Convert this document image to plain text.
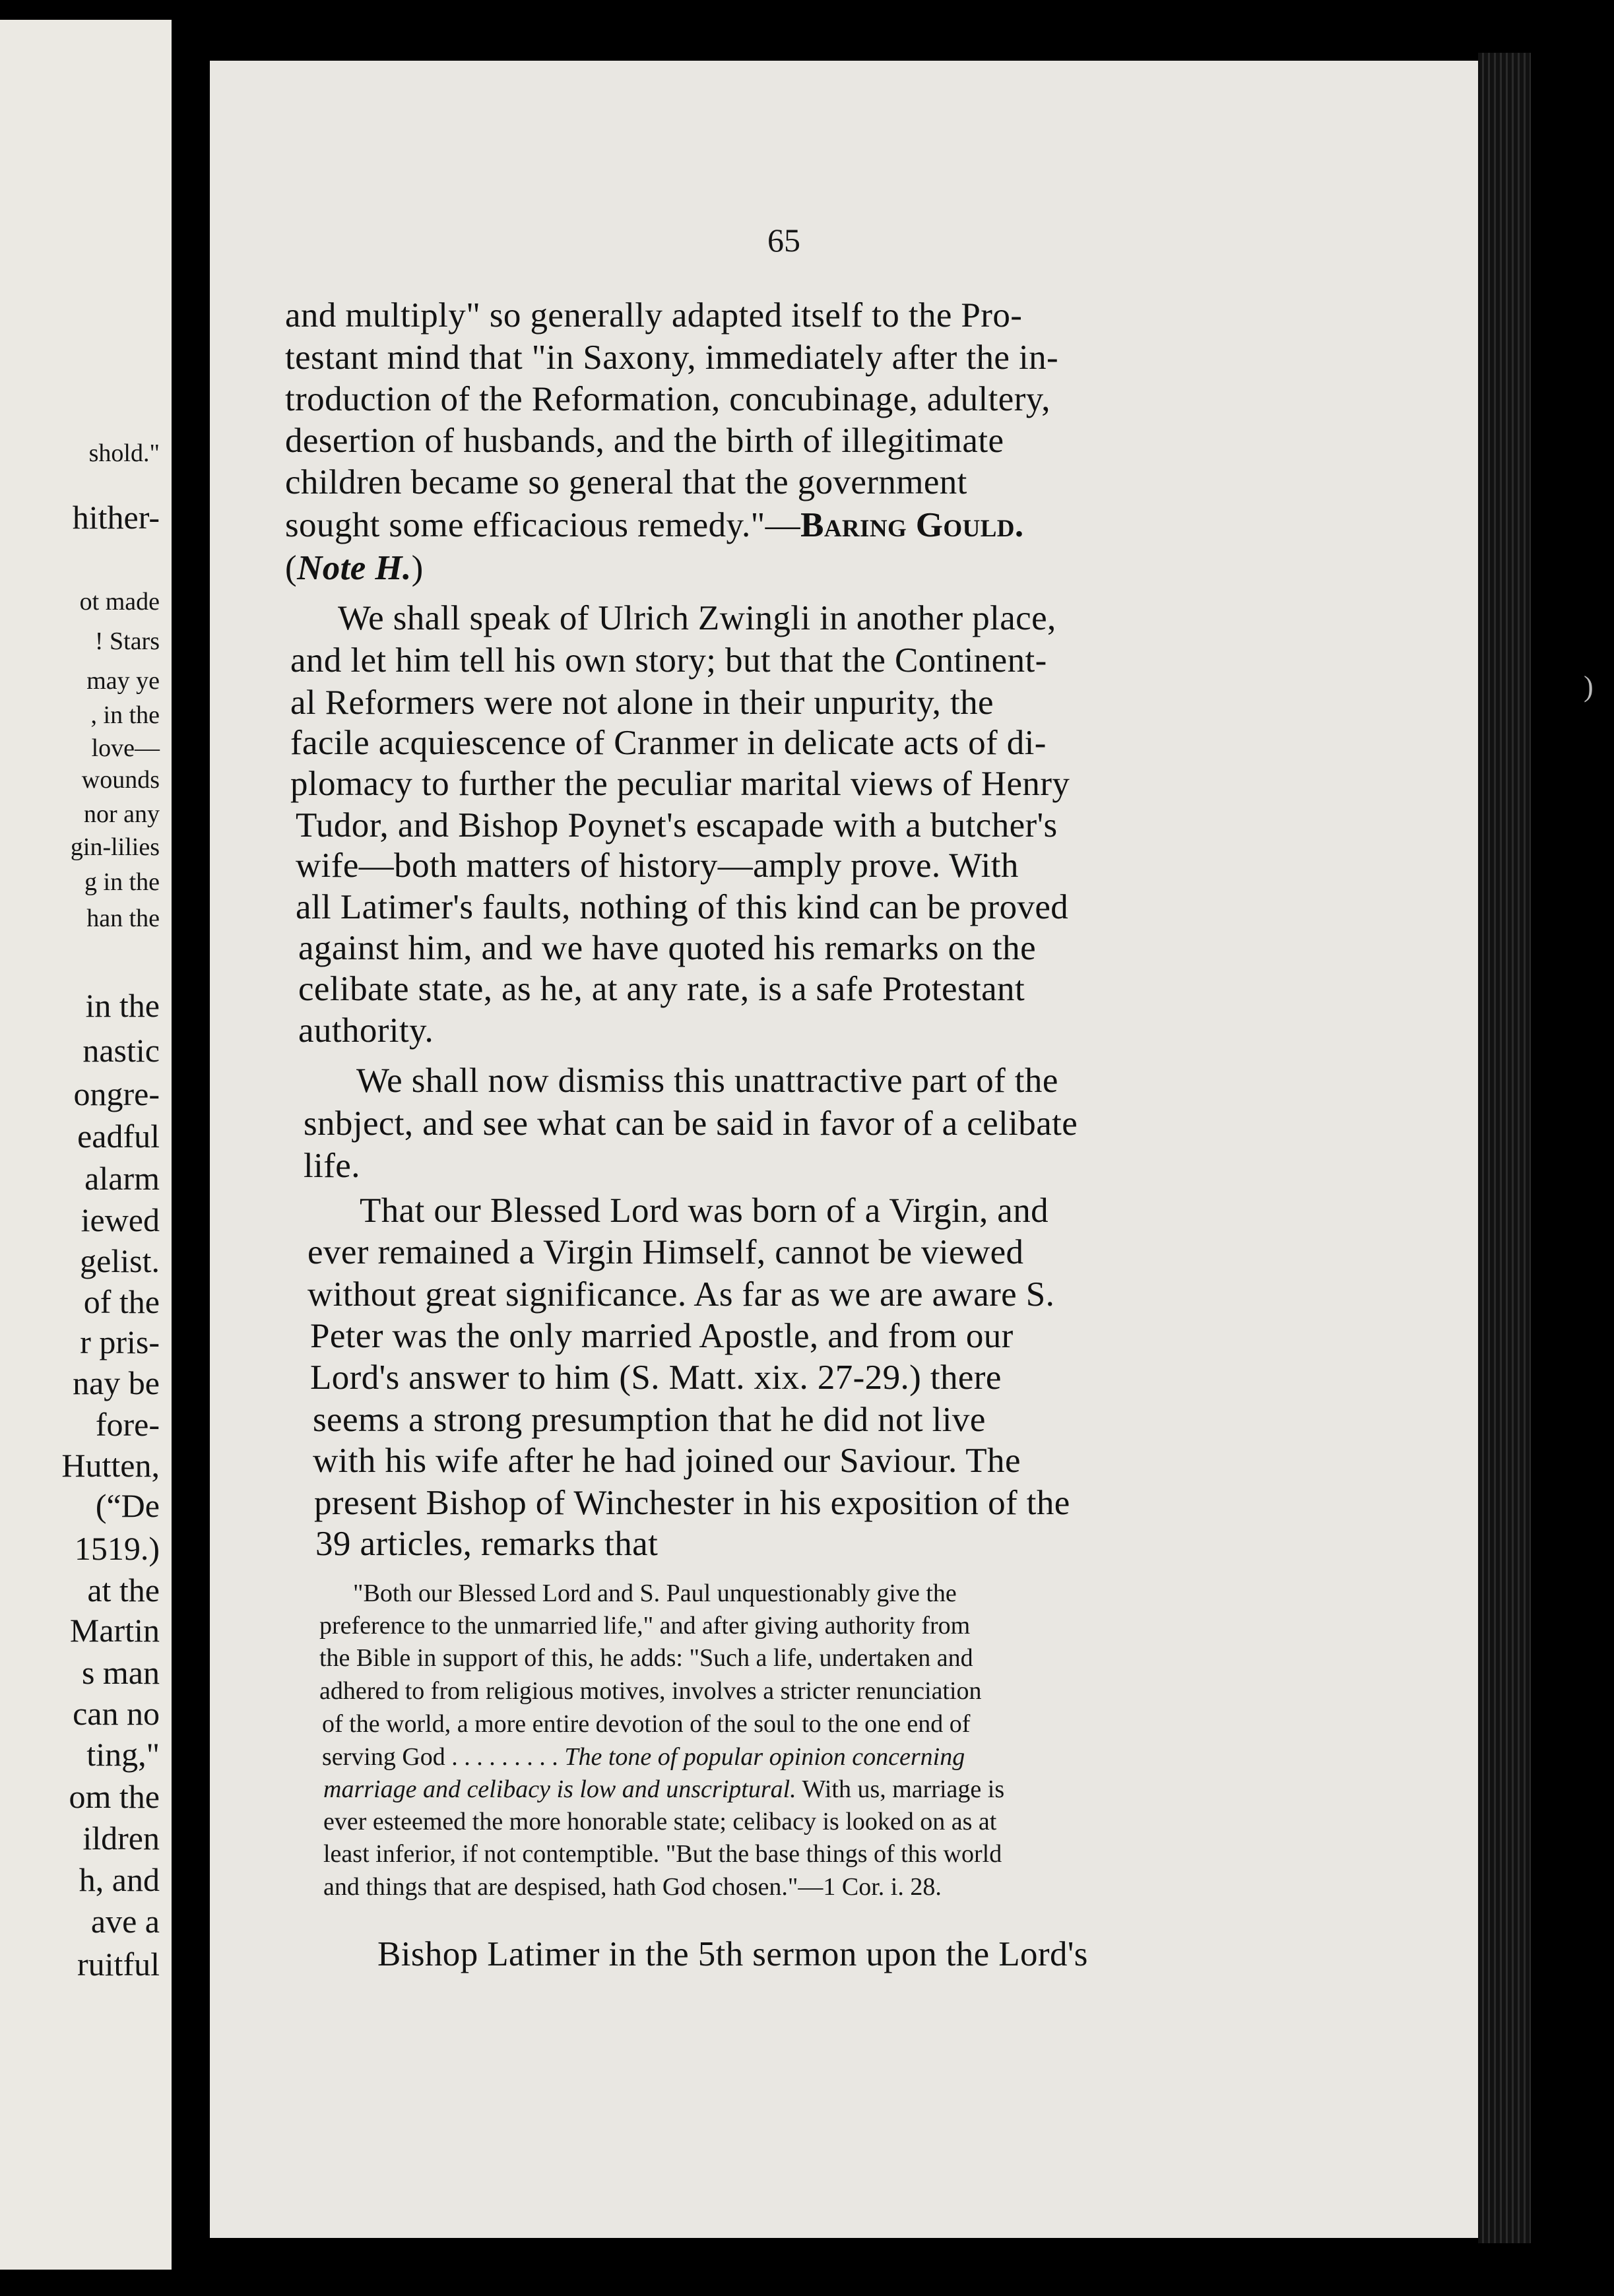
shold."
hither-
ot made
! Stars
may ye
, in the
love—
wounds
nor any
gin-lilies
g in the
han the
in the
nastic
ongre-
eadful
alarm
iewed
gelist.
of the
r pris-
nay be
fore-
Hutten,
(“De
1519.)
at the
Martin
s man
can no
ting,"
om the
ildren
h, and
ave a
ruitful
65
and multiply" so generally adapted itself to the Pro-
testant mind that "in Saxony, immediately after the in-
troduction of the Reformation, concubinage, adultery,
desertion of husbands, and the birth of illegitimate
children became so general that the government
sought some efficacious remedy."—Baring Gould.
(Note H.)
We shall speak of Ulrich Zwingli in another place,
and let him tell his own story; but that the Continent-
al Reformers were not alone in their unpurity, the
facile acquiescence of Cranmer in delicate acts of di-
plomacy to further the peculiar marital views of Henry
Tudor, and Bishop Poynet's escapade with a butcher's
wife—both matters of history—amply prove. With
all Latimer's faults, nothing of this kind can be proved
against him, and we have quoted his remarks on the
celibate state, as he, at any rate, is a safe Protestant
authority.
We shall now dismiss this unattractive part of the
snbject, and see what can be said in favor of a celibate
life.
That our Blessed Lord was born of a Virgin, and
ever remained a Virgin Himself, cannot be viewed
without great significance. As far as we are aware S.
Peter was the only married Apostle, and from our
Lord's answer to him (S. Matt. xix. 27-29.) there
seems a strong presumption that he did not live
with his wife after he had joined our Saviour. The
present Bishop of Winchester in his exposition of the
39 articles, remarks that
"Both our Blessed Lord and S. Paul unquestionably give the
preference to the unmarried life," and after giving authority from
the Bible in support of this, he adds: "Such a life, undertaken and
adhered to from religious motives, involves a stricter renunciation
of the world, a more entire devotion of the soul to the one end of
serving God . . . . . . . . . The tone of popular opinion concerning
marriage and celibacy is low and unscriptural. With us, marriage is
ever esteemed the more honorable state; celibacy is looked on as at
least inferior, if not contemptible. "But the base things of this world
and things that are despised, hath God chosen."—1 Cor. i. 28.
Bishop Latimer in the 5th sermon upon the Lord's
)
